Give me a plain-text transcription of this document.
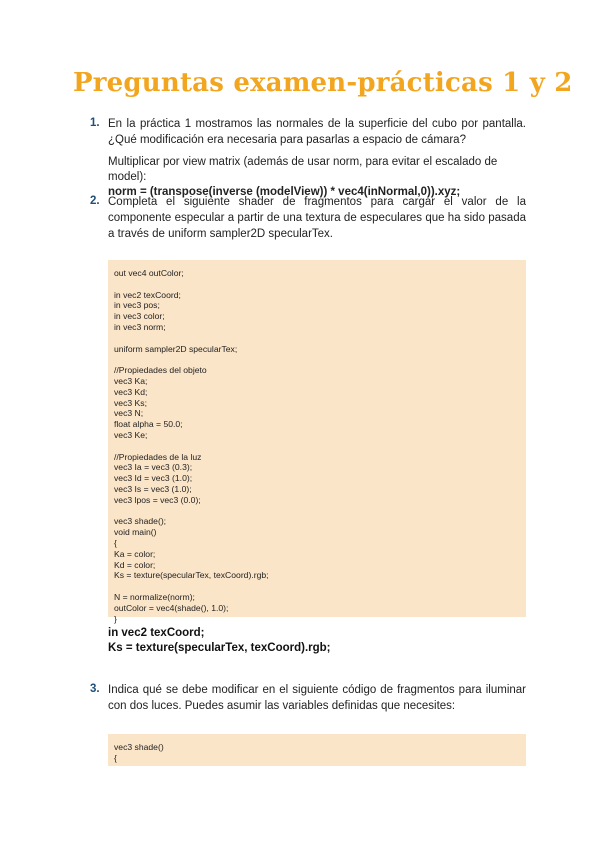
Preguntas examen-prácticas 1 y 2
1. En la práctica 1 mostramos las normales de la superficie del cubo por pantalla. ¿Qué modificación era necesaria para pasarlas a espacio de cámara?
Multiplicar por view matrix (además de usar norm, para evitar el escalado de model):
norm = (transpose(inverse (modelView)) * vec4(inNormal,0)).xyz;
2. Completa el siguiente shader de fragmentos para cargar el valor de la componente especular a partir de una textura de especulares que ha sido pasada a través de uniform sampler2D specularTex.
out vec4 outColor;

in vec2 texCoord;
in vec3 pos;
in vec3 color;
in vec3 norm;

uniform sampler2D specularTex;

//Propiedades del objeto
vec3 Ka;
vec3 Kd;
vec3 Ks;
vec3 N;
float alpha = 50.0;
vec3 Ke;

//Propiedades de la luz
vec3 Ia = vec3 (0.3);
vec3 Id = vec3 (1.0);
vec3 Is = vec3 (1.0);
vec3 lpos = vec3 (0.0);

vec3 shade();
void main()
{
Ka = color;
Kd = color;
Ks = texture(specularTex, texCoord).rgb;

N = normalize(norm);
outColor = vec4(shade(), 1.0);
}
in vec2 texCoord;
Ks = texture(specularTex, texCoord).rgb;
3. Indica qué se debe modificar en el siguiente código de fragmentos para iluminar con dos luces. Puedes asumir las variables definidas que necesites:
vec3 shade()
{
